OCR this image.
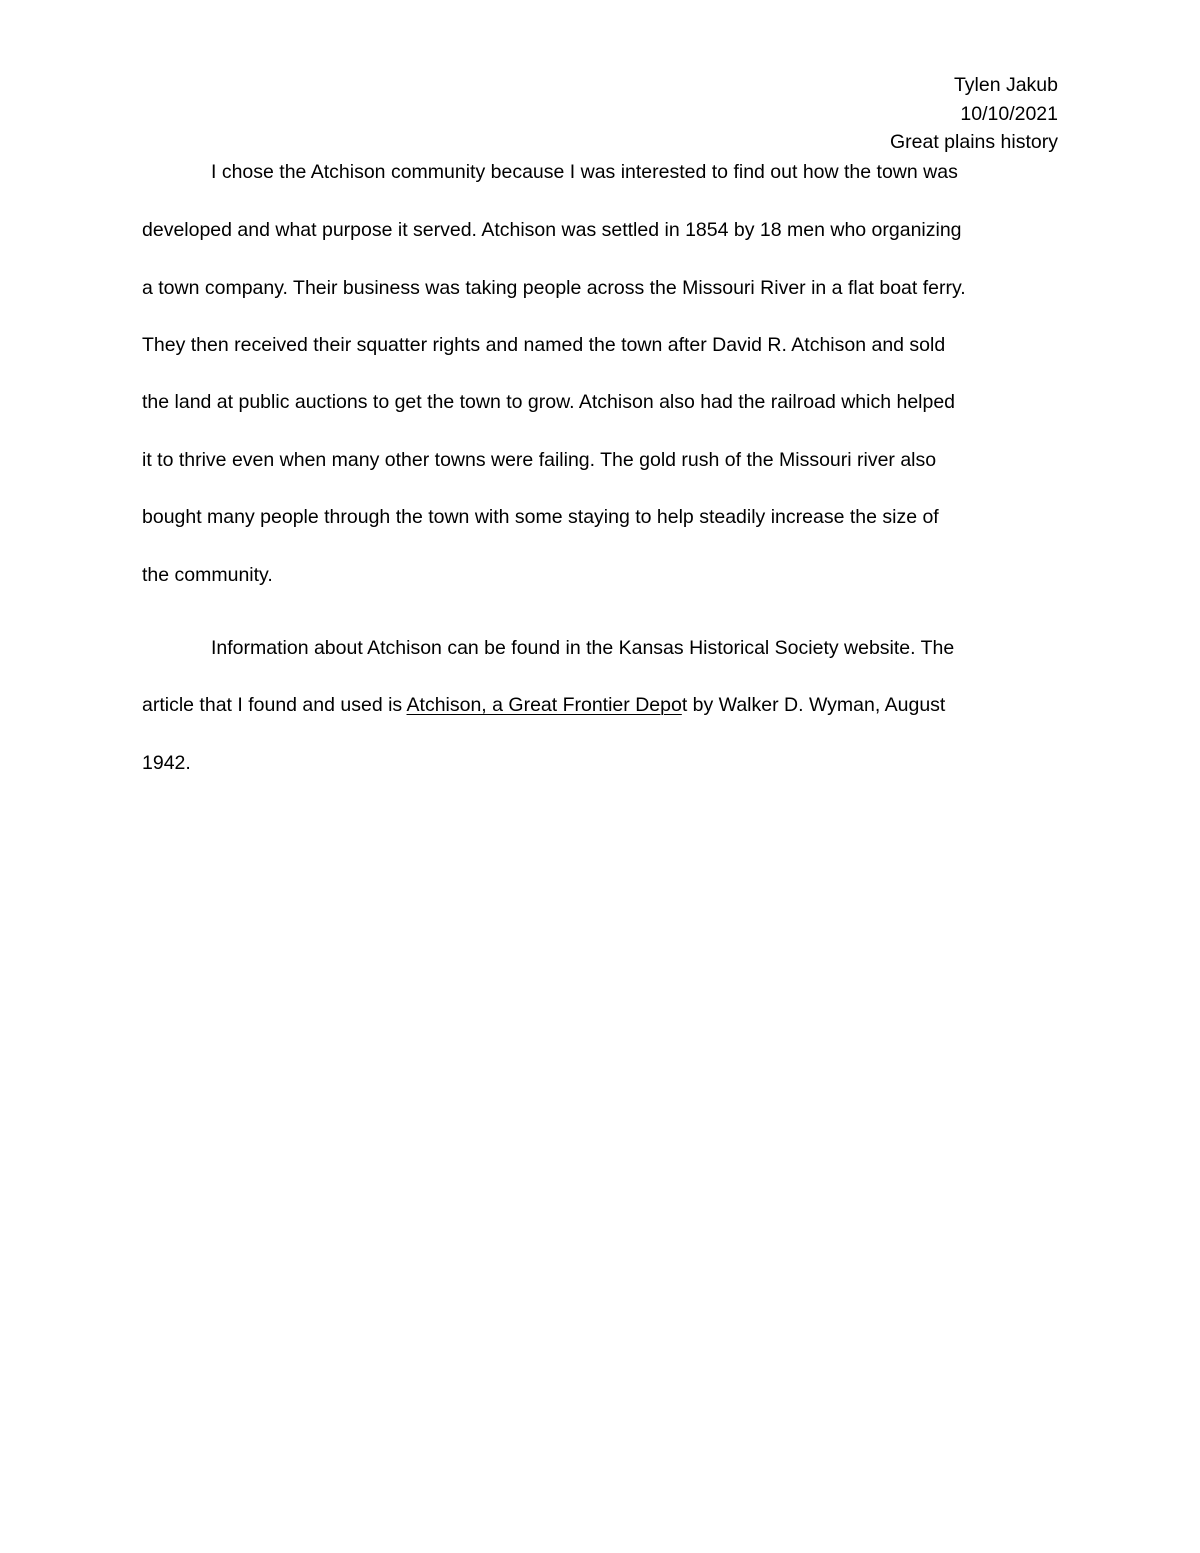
Tylen Jakub
10/10/2021
Great plains history
I chose the Atchison community because I was interested to find out how the town was
developed and what purpose it served. Atchison was settled in 1854 by 18 men who organizing
a town company. Their business was taking people across the Missouri River in a flat boat ferry.
They then received their squatter rights and named the town after David R. Atchison and sold
the land at public auctions to get the town to grow. Atchison also had the railroad which helped
it to thrive even when many other towns were failing. The gold rush of the Missouri river also
bought many people through the town with some staying to help steadily increase the size of
the community.
Information about Atchison can be found in the Kansas Historical Society website. The
article that I found and used is Atchison, a Great Frontier Depot by Walker D. Wyman, August
1942.
